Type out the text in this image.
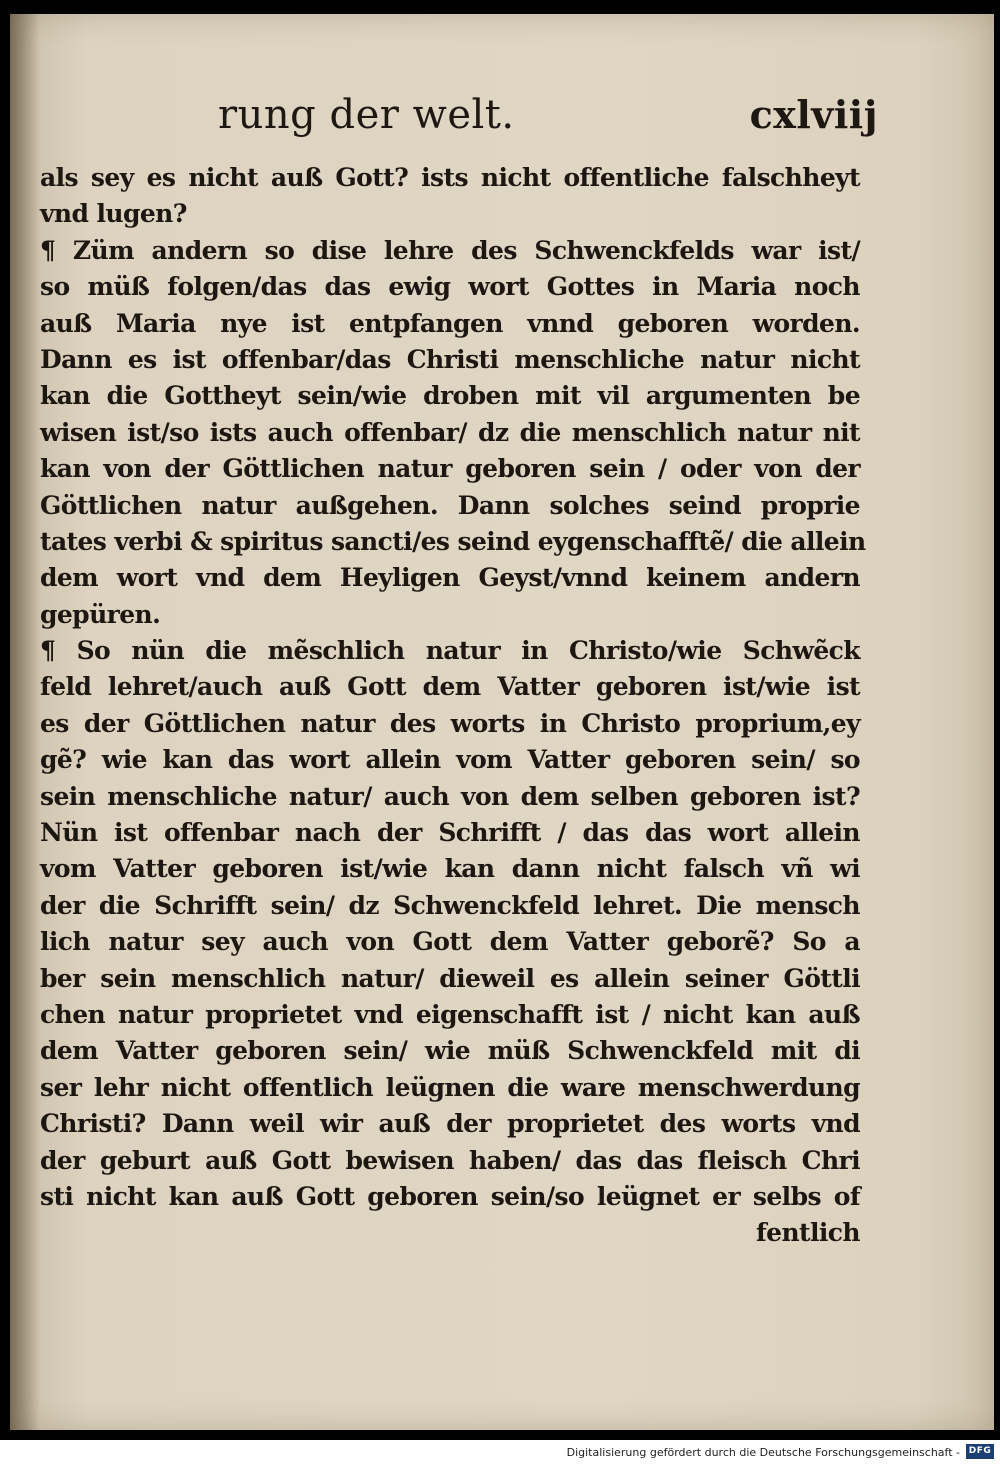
rung der welt.	cxlviij
als sey es nicht auß Gott? ists nicht offentliche falschheyt
vnd lugen?
¶ Züm andern so dise lehre des Schwenckfelds war ist/
so müß folgen/das das ewig wort Gottes in Maria noch
auß Maria nye ist entpfangen vnnd geboren worden.
Dann es ist offenbar/das Christi menschliche natur nicht
kan die Gottheyt sein/wie droben mit vil argumenten be
wisen ist/so ists auch offenbar/ dz die menschlich natur nit
kan von der Göttlichen natur geboren sein / oder von der
Göttlichen natur außgehen. Dann solches seind proprie
tates verbi & spiritus sancti/es seind eygenschafftẽ/ die allein
dem wort vnd dem Heyligen Geyst/vnnd keinem andern
gepüren.
¶ So nün die mẽschlich natur in Christo/wie Schwẽck
feld lehret/auch auß Gott dem Vatter geboren ist/wie ist
es der Göttlichen natur des worts in Christo proprium,ey
gẽ? wie kan das wort allein vom Vatter geboren sein/ so
sein menschliche natur/ auch von dem selben geboren ist?
Nün ist offenbar nach der Schrifft / das das wort allein
vom Vatter geboren ist/wie kan dann nicht falsch vñ wi
der die Schrifft sein/ dz Schwenckfeld lehret. Die mensch
lich natur sey auch von Gott dem Vatter geborẽ? So a
ber sein menschlich natur/ dieweil es allein seiner Göttli
chen natur proprietet vnd eigenschafft ist / nicht kan auß
dem Vatter geboren sein/ wie müß Schwenckfeld mit di
ser lehr nicht offentlich leügnen die ware menschwerdung
Christi? Dann weil wir auß der proprietet des worts vnd
der geburt auß Gott bewisen haben/ das das fleisch Chri
sti nicht kan auß Gott geboren sein/so leügnet er selbs of
fentlich
Digitalisierung gefördert durch die Deutsche Forschungsgemeinschaft - DFG
